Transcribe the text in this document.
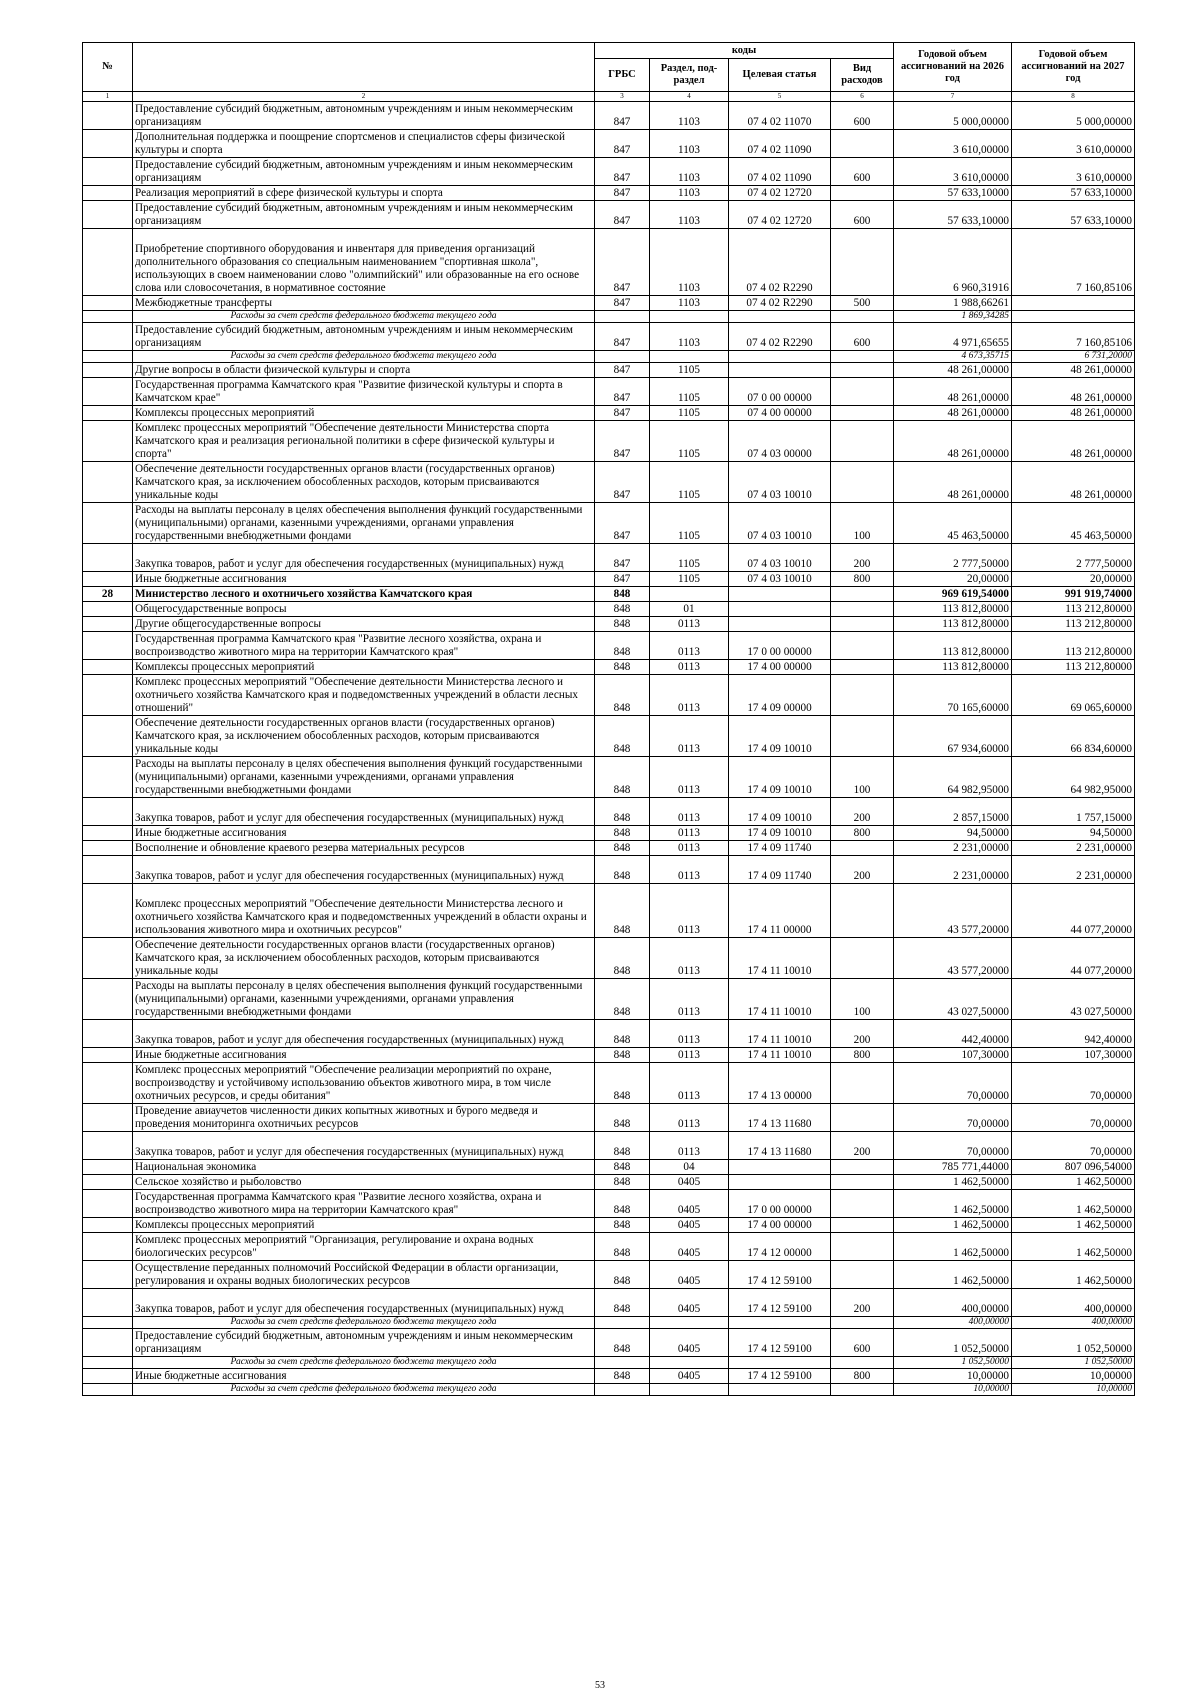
№		коды				Годовой объем ассигнований на 2026 год	Годовой объем ассигнований на 2027 год
		ГРБС	Раздел, под-раздел	Целевая статья	Вид расходов		
1	2	3	4	5	6	7	8
	Предоставление субсидий бюджетным, автономным учреждениям и иным некоммерческим организациям	847	1103	07 4 02 11070	600	5 000,00000	5 000,00000
	Дополнительная поддержка и поощрение спортсменов и специалистов сферы физической культуры и спорта	847	1103	07 4 02 11090		3 610,00000	3 610,00000
	Предоставление субсидий бюджетным, автономным учреждениям и иным некоммерческим организациям	847	1103	07 4 02 11090	600	3 610,00000	3 610,00000
	Реализация мероприятий в сфере физической культуры и спорта	847	1103	07 4 02 12720		57 633,10000	57 633,10000
	Предоставление субсидий бюджетным, автономным учреждениям и иным некоммерческим организациям	847	1103	07 4 02 12720	600	57 633,10000	57 633,10000
	Приобретение спортивного оборудования и инвентаря для приведения организаций дополнительного образования со специальным наименованием "спортивная школа", использующих в своем наименовании слово "олимпийский" или образованные на его основе слова или словосочетания, в нормативное состояние	847	1103	07 4 02 R2290		6 960,31916	7 160,85106
	Межбюджетные трансферты	847	1103	07 4 02 R2290	500	1 988,66261	
	Расходы за счет средств федерального бюджета текущего года					1 869,34285	
	Предоставление субсидий бюджетным, автономным учреждениям и иным некоммерческим организациям	847	1103	07 4 02 R2290	600	4 971,65655	7 160,85106
	Расходы за счет средств федерального бюджета текущего года					4 673,35715	6 731,20000
	Другие вопросы в области физической культуры и спорта	847	1105			48 261,00000	48 261,00000
	Государственная программа Камчатского края "Развитие физической культуры и спорта в Камчатском крае"	847	1105	07 0 00 00000		48 261,00000	48 261,00000
	Комплексы процессных мероприятий	847	1105	07 4 00 00000		48 261,00000	48 261,00000
	Комплекс процессных мероприятий "Обеспечение деятельности Министерства спорта Камчатского края и реализация региональной политики в сфере физической культуры и спорта"	847	1105	07 4 03 00000		48 261,00000	48 261,00000
	Обеспечение деятельности государственных органов власти (государственных органов) Камчатского края, за исключением обособленных расходов, которым присваиваются уникальные коды	847	1105	07 4 03 10010		48 261,00000	48 261,00000
	Расходы на выплаты персоналу в целях обеспечения выполнения функций государственными (муниципальными) органами, казенными учреждениями, органами управления государственными внебюджетными фондами	847	1105	07 4 03 10010	100	45 463,50000	45 463,50000
	Закупка товаров, работ и услуг для обеспечения государственных (муниципальных) нужд	847	1105	07 4 03 10010	200	2 777,50000	2 777,50000
	Иные бюджетные ассигнования	847	1105	07 4 03 10010	800	20,00000	20,00000
28	Министерство лесного и охотничьего хозяйства Камчатского края	848				969 619,54000	991 919,74000
	Общегосударственные вопросы	848	01			113 812,80000	113 212,80000
	Другие общегосударственные вопросы	848	0113			113 812,80000	113 212,80000
	Государственная программа Камчатского края "Развитие лесного хозяйства, охрана и воспроизводство животного мира на территории Камчатского края"	848	0113	17 0 00 00000		113 812,80000	113 212,80000
	Комплексы процессных мероприятий	848	0113	17 4 00 00000		113 812,80000	113 212,80000
	Комплекс процессных мероприятий "Обеспечение деятельности Министерства лесного и охотничьего хозяйства Камчатского края и подведомственных учреждений в области лесных отношений"	848	0113	17 4 09 00000		70 165,60000	69 065,60000
	Обеспечение деятельности государственных органов власти (государственных органов) Камчатского края, за исключением обособленных расходов, которым присваиваются уникальные коды	848	0113	17 4 09 10010		67 934,60000	66 834,60000
	Расходы на выплаты персоналу в целях обеспечения выполнения функций государственными (муниципальными) органами, казенными учреждениями, органами управления государственными внебюджетными фондами	848	0113	17 4 09 10010	100	64 982,95000	64 982,95000
	Закупка товаров, работ и услуг для обеспечения государственных (муниципальных) нужд	848	0113	17 4 09 10010	200	2 857,15000	1 757,15000
	Иные бюджетные ассигнования	848	0113	17 4 09 10010	800	94,50000	94,50000
	Восполнение и обновление краевого резерва материальных ресурсов	848	0113	17 4 09 11740		2 231,00000	2 231,00000
	Закупка товаров, работ и услуг для обеспечения государственных (муниципальных) нужд	848	0113	17 4 09 11740	200	2 231,00000	2 231,00000
	Комплекс процессных мероприятий "Обеспечение деятельности Министерства лесного и охотничьего хозяйства Камчатского края и подведомственных учреждений в области охраны и использования животного мира и охотничьих ресурсов"	848	0113	17 4 11 00000		43 577,20000	44 077,20000
	Обеспечение деятельности государственных органов власти (государственных органов) Камчатского края, за исключением обособленных расходов, которым присваиваются уникальные коды	848	0113	17 4 11 10010		43 577,20000	44 077,20000
	Расходы на выплаты персоналу в целях обеспечения выполнения функций государственными (муниципальными) органами, казенными учреждениями, органами управления государственными внебюджетными фондами	848	0113	17 4 11 10010	100	43 027,50000	43 027,50000
	Закупка товаров, работ и услуг для обеспечения государственных (муниципальных) нужд	848	0113	17 4 11 10010	200	442,40000	942,40000
	Иные бюджетные ассигнования	848	0113	17 4 11 10010	800	107,30000	107,30000
	Комплекс процессных мероприятий "Обеспечение реализации мероприятий по охране, воспроизводству и устойчивому использованию объектов животного мира, в том числе охотничьих ресурсов, и среды обитания"	848	0113	17 4 13 00000		70,00000	70,00000
	Проведение авиаучетов численности диких копытных животных и бурого медведя и проведения мониторинга охотничьих ресурсов	848	0113	17 4 13 11680		70,00000	70,00000
	Закупка товаров, работ и услуг для обеспечения государственных (муниципальных) нужд	848	0113	17 4 13 11680	200	70,00000	70,00000
	Национальная экономика	848	04			785 771,44000	807 096,54000
	Сельское хозяйство и рыболовство	848	0405			1 462,50000	1 462,50000
	Государственная программа Камчатского края "Развитие лесного хозяйства, охрана и воспроизводство животного мира на территории Камчатского края"	848	0405	17 0 00 00000		1 462,50000	1 462,50000
	Комплексы процессных мероприятий	848	0405	17 4 00 00000		1 462,50000	1 462,50000
	Комплекс процессных мероприятий "Организация, регулирование и охрана водных биологических ресурсов"	848	0405	17 4 12 00000		1 462,50000	1 462,50000
	Осуществление переданных полномочий Российской Федерации в области организации, регулирования и охраны водных биологических ресурсов	848	0405	17 4 12 59100		1 462,50000	1 462,50000
	Закупка товаров, работ и услуг для обеспечения государственных (муниципальных) нужд	848	0405	17 4 12 59100	200	400,00000	400,00000
	Расходы за счет средств федерального бюджета текущего года					400,00000	400,00000
	Предоставление субсидий бюджетным, автономным учреждениям и иным некоммерческим организациям	848	0405	17 4 12 59100	600	1 052,50000	1 052,50000
	Расходы за счет средств федерального бюджета текущего года					1 052,50000	1 052,50000
	Иные бюджетные ассигнования	848	0405	17 4 12 59100	800	10,00000	10,00000
	Расходы за счет средств федерального бюджета текущего года					10,00000	10,00000
53
